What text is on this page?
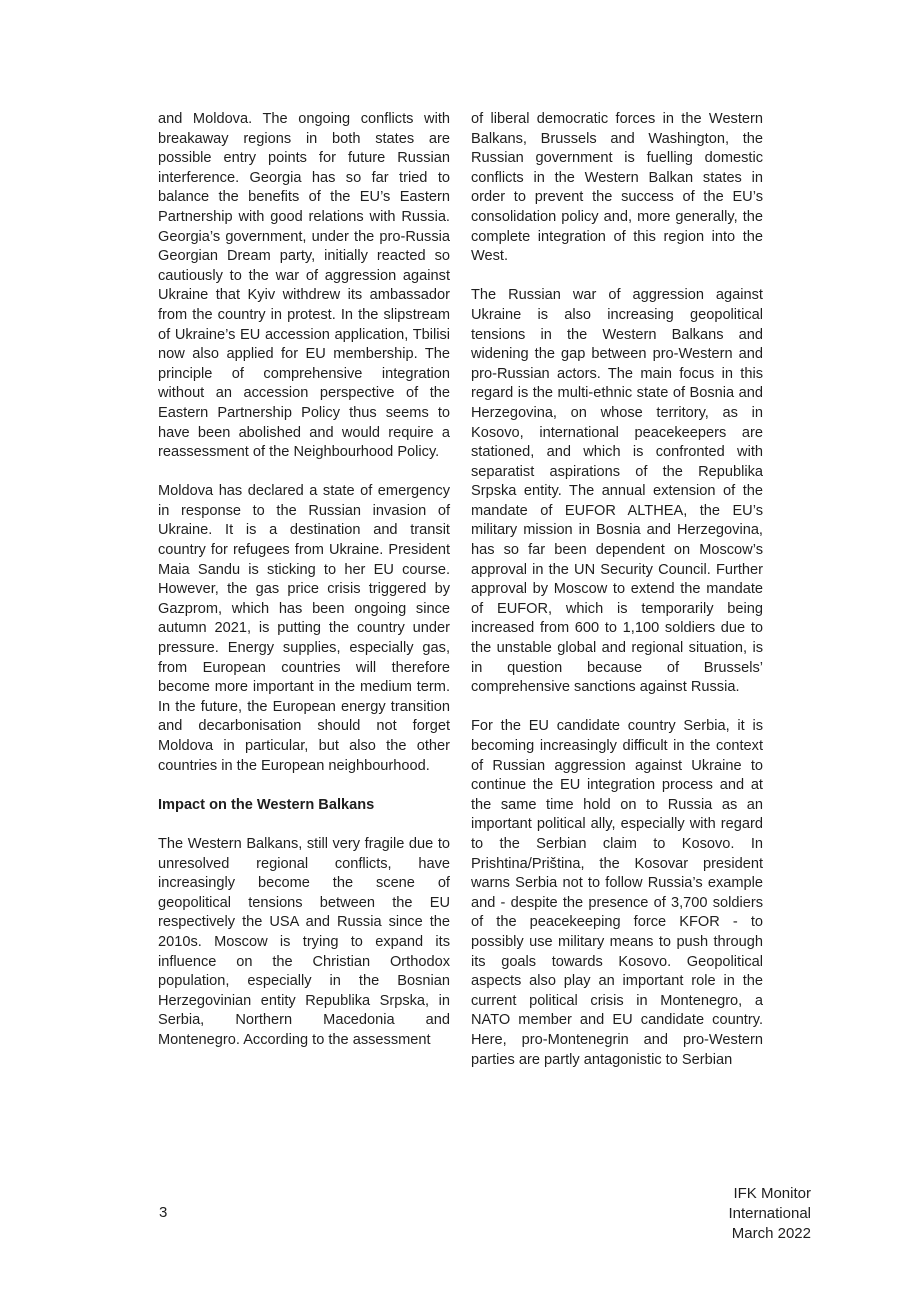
and Moldova. The ongoing conflicts with breakaway regions in both states are possible entry points for future Russian interference. Georgia has so far tried to balance the benefits of the EU’s Eastern Partnership with good relations with Russia. Georgia’s government, under the pro-Russia Georgian Dream party, initially reacted so cautiously to the war of aggression against Ukraine that Kyiv withdrew its ambassador from the country in protest. In the slipstream of Ukraine’s EU accession application, Tbilisi now also applied for EU membership. The principle of comprehensive integration without an accession perspective of the Eastern Partnership Policy thus seems to have been abolished and would require a reassessment of the Neighbourhood Policy.

Moldova has declared a state of emergency in response to the Russian invasion of Ukraine. It is a destination and transit country for refugees from Ukraine. President Maia Sandu is sticking to her EU course. However, the gas price crisis triggered by Gazprom, which has been ongoing since autumn 2021, is putting the country under pressure. Energy supplies, especially gas, from European countries will therefore become more important in the medium term. In the future, the European energy transition and decarbonisation should not forget Moldova in particular, but also the other countries in the European neighbourhood.

Impact on the Western Balkans

The Western Balkans, still very fragile due to unresolved regional conflicts, have increasingly become the scene of geopolitical tensions between the EU respectively the USA and Russia since the 2010s. Moscow is trying to expand its influence on the Christian Orthodox population, especially in the Bosnian Herzegovinian entity Republika Srpska, in Serbia, Northern Macedonia and Montenegro. According to the assessment

of liberal democratic forces in the Western Balkans, Brussels and Washington, the Russian government is fuelling domestic conflicts in the Western Balkan states in order to prevent the success of the EU’s consolidation policy and, more generally, the complete integration of this region into the West.

The Russian war of aggression against Ukraine is also increasing geopolitical tensions in the Western Balkans and widening the gap between pro-Western and pro-Russian actors. The main focus in this regard is the multi-ethnic state of Bosnia and Herzegovina, on whose territory, as in Kosovo, international peacekeepers are stationed, and which is confronted with separatist aspirations of the Republika Srpska entity. The annual extension of the mandate of EUFOR ALTHEA, the EU’s military mission in Bosnia and Herzegovina, has so far been dependent on Moscow’s approval in the UN Security Council. Further approval by Moscow to extend the mandate of EUFOR, which is temporarily being increased from 600 to 1,100 soldiers due to the unstable global and regional situation, is in question because of Brussels’ comprehensive sanctions against Russia.

For the EU candidate country Serbia, it is becoming increasingly difficult in the context of Russian aggression against Ukraine to continue the EU integration process and at the same time hold on to Russia as an important political ally, especially with regard to the Serbian claim to Kosovo. In Prishtina/Priština, the Kosovar president warns Serbia not to follow Russia’s example and - despite the presence of 3,700 soldiers of the peacekeeping force KFOR - to possibly use military means to push through its goals towards Kosovo. Geopolitical aspects also play an important role in the current political crisis in Montenegro, a NATO member and EU candidate country. Here, pro-Montenegrin and pro-Western parties are partly antagonistic to Serbian

3
IFK Monitor
International
March 2022
